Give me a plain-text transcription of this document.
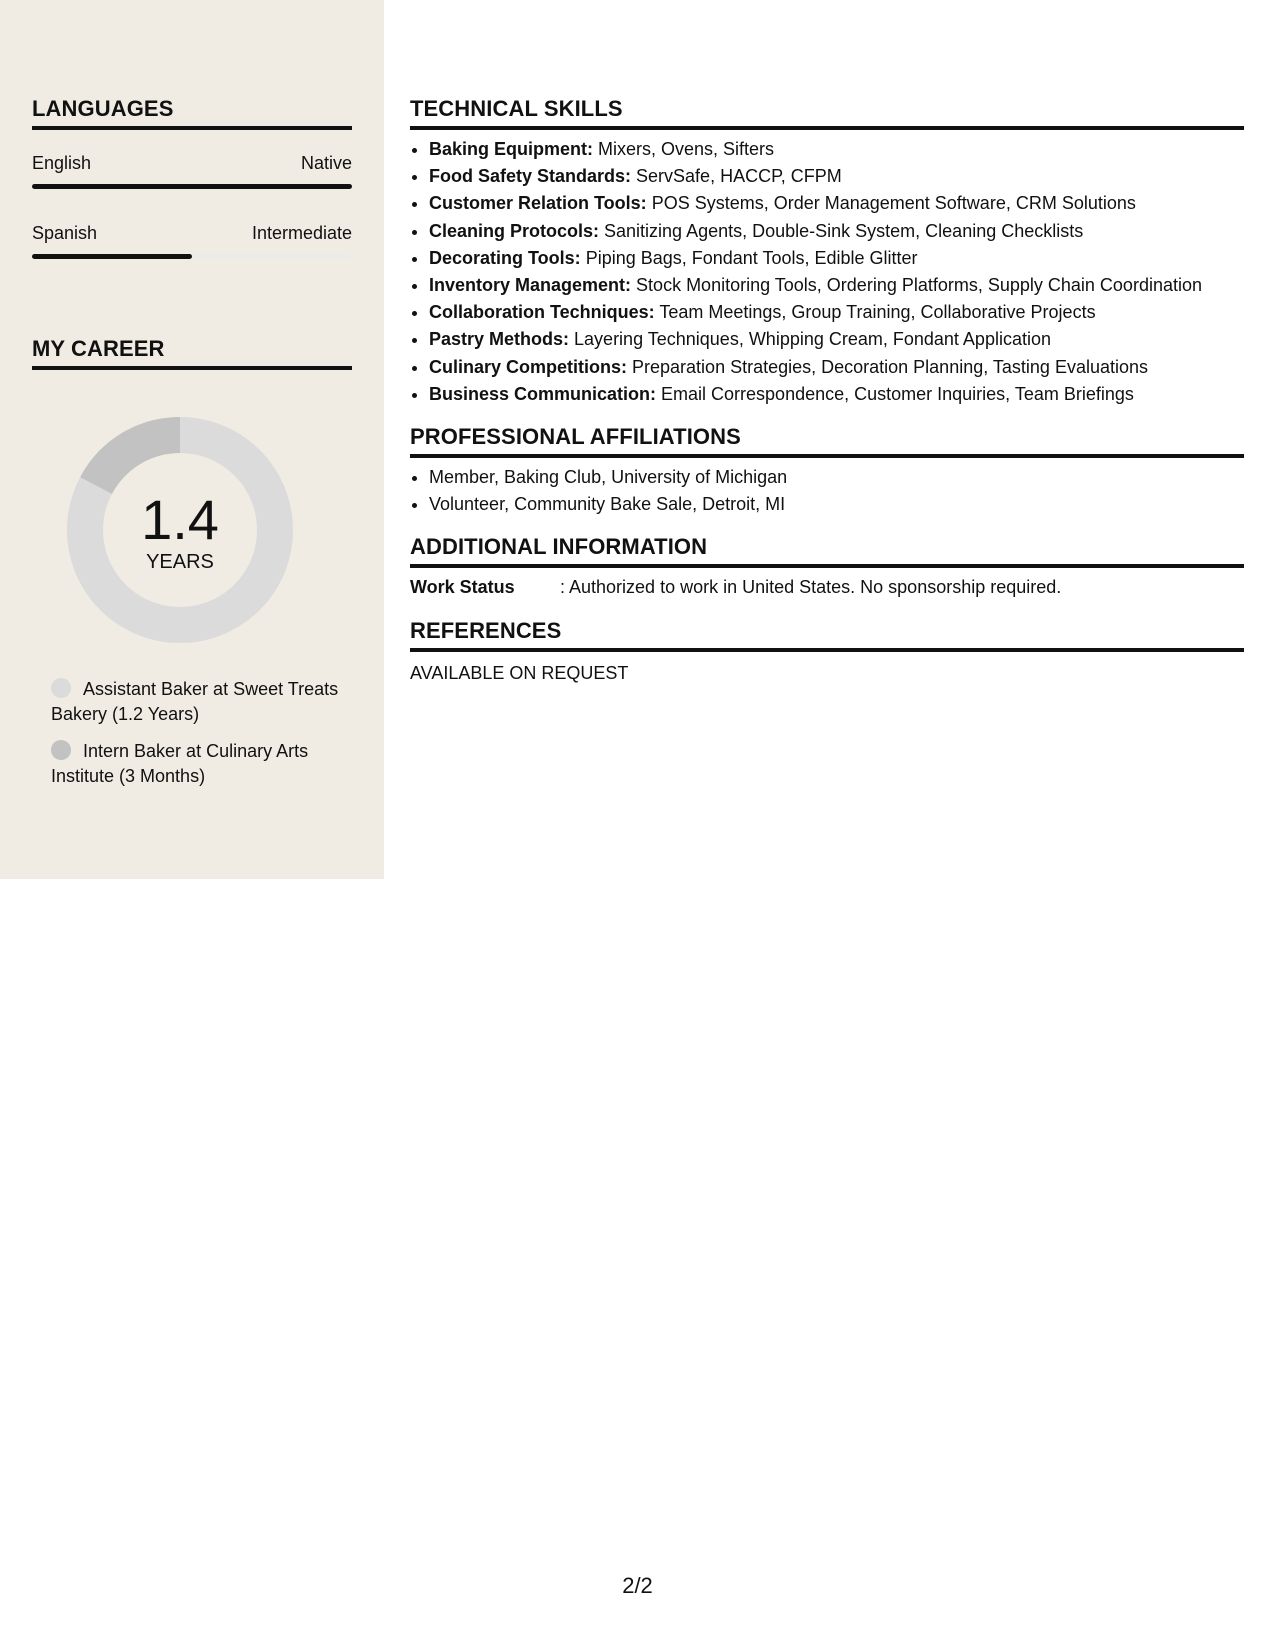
LANGUAGES
English	Native
Spanish	Intermediate
MY CAREER
1.4
YEARS
Assistant Baker at Sweet Treats Bakery (1.2 Years)
Intern Baker at Culinary Arts Institute (3 Months)
TECHNICAL SKILLS
• Baking Equipment: Mixers, Ovens, Sifters
• Food Safety Standards: ServSafe, HACCP, CFPM
• Customer Relation Tools: POS Systems, Order Management Software, CRM Solutions
• Cleaning Protocols: Sanitizing Agents, Double-Sink System, Cleaning Checklists
• Decorating Tools: Piping Bags, Fondant Tools, Edible Glitter
• Inventory Management: Stock Monitoring Tools, Ordering Platforms, Supply Chain Coordination
• Collaboration Techniques: Team Meetings, Group Training, Collaborative Projects
• Pastry Methods: Layering Techniques, Whipping Cream, Fondant Application
• Culinary Competitions: Preparation Strategies, Decoration Planning, Tasting Evaluations
• Business Communication: Email Correspondence, Customer Inquiries, Team Briefings
PROFESSIONAL AFFILIATIONS
• Member, Baking Club, University of Michigan
• Volunteer, Community Bake Sale, Detroit, MI
ADDITIONAL INFORMATION
Work Status	: Authorized to work in United States. No sponsorship required.
REFERENCES
AVAILABLE ON REQUEST
2/2
